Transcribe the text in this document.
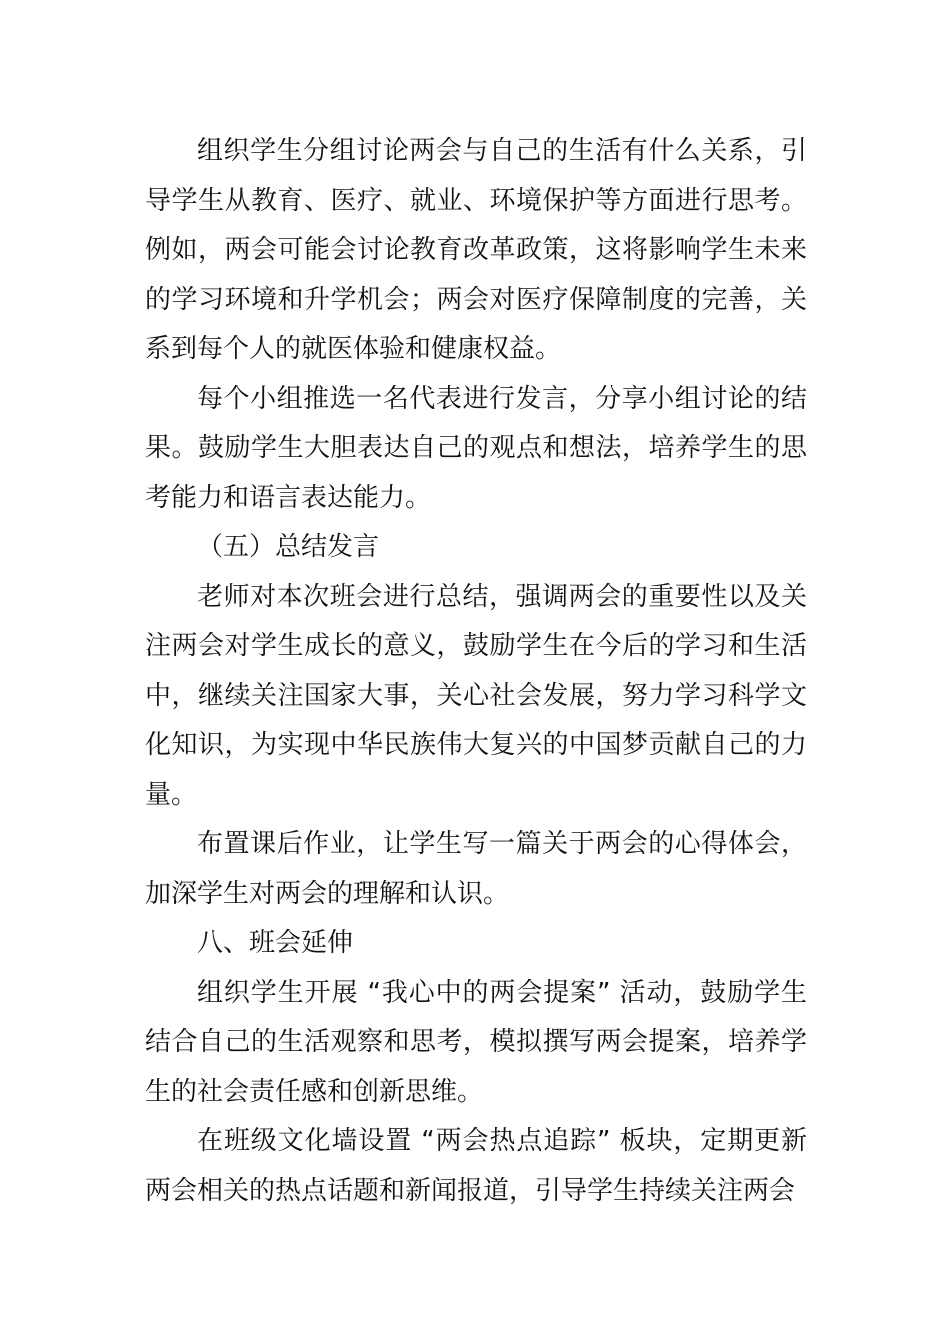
组织学生分组讨论两会与自己的生活有什么关系，引导学生从教育、医疗、就业、环境保护等方面进行思考。例如，两会可能会讨论教育改革政策，这将影响学生未来的学习环境和升学机会；两会对医疗保障制度的完善，关系到每个人的就医体验和健康权益。

每个小组推选一名代表进行发言，分享小组讨论的结果。鼓励学生大胆表达自己的观点和想法，培养学生的思考能力和语言表达能力。

（五）总结发言

老师对本次班会进行总结，强调两会的重要性以及关注两会对学生成长的意义，鼓励学生在今后的学习和生活中，继续关注国家大事，关心社会发展，努力学习科学文化知识，为实现中华民族伟大复兴的中国梦贡献自己的力量。

布置课后作业，让学生写一篇关于两会的心得体会，加深学生对两会的理解和认识。

八、班会延伸

组织学生开展 “我心中的两会提案” 活动，鼓励学生结合自己的生活观察和思考，模拟撰写两会提案，培养学生的社会责任感和创新思维。

在班级文化墙设置 “两会热点追踪” 板块，定期更新两会相关的热点话题和新闻报道，引导学生持续关注两会
